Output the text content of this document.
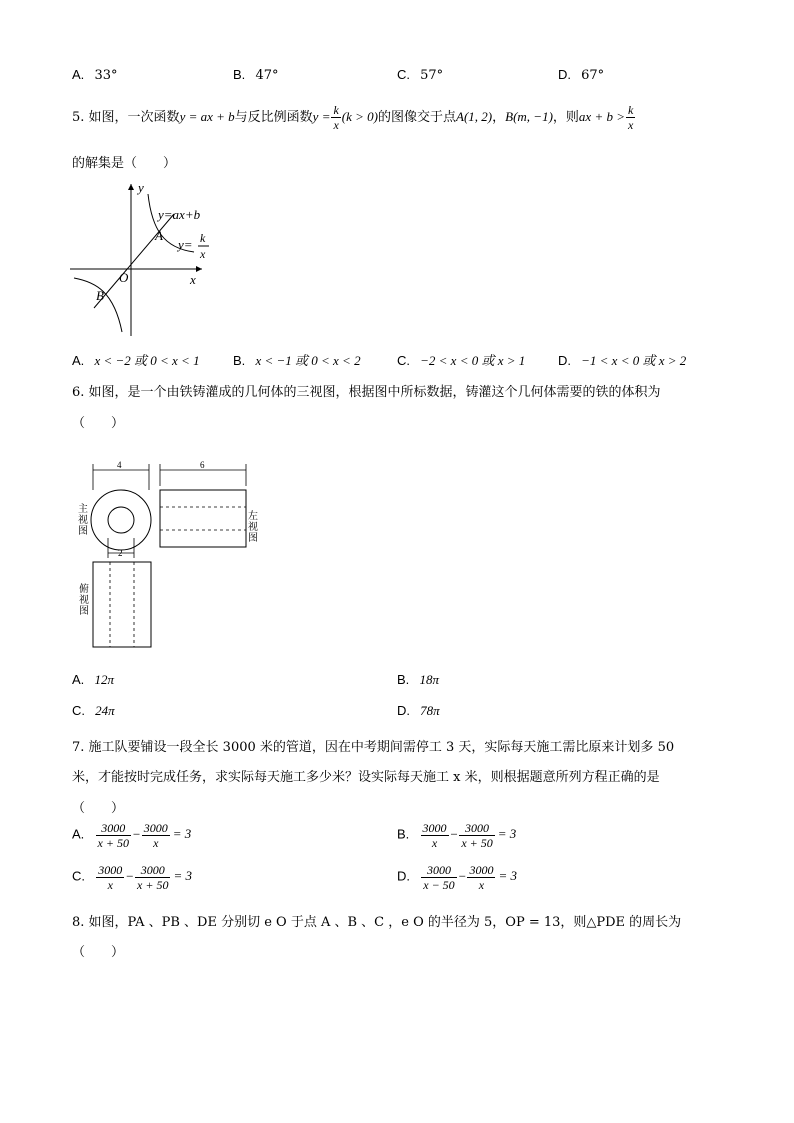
A. 33°	B. 47°	C. 57°	D. 67°
5. 如图，一次函数y = ax + b与反比例函数$y = \frac{k}{x} (k > 0)$的图像交于点A(1, 2)，B(m, −1)，则ax + $b > \frac{k}{x}$
的解集是（　　）
y
x
O
A
B
y=ax+b
y= k
x
A. x < −2 或 0 < x < 1	B. x < −1 或 0 < x < 2	C. −2 < x < 0 或 x > 1	D. −1 < x < 0 或 x > 2
6. 如图，是一个由铁铸灌成的几何体的三视图，根据图中所标数据，铸灌这个几何体需要的铁的体积为
（　　）
4	6
2
主视图
左视图
俯视图
A. 12π	B. 18π
C. 24π	D. 78π
7. 施工队要铺设一段全长 3000 米的管道，因在中考期间需停工 3 天，实际每天施工需比原来计划多 50
米，才能按时完成任务，求实际每天施工多少米？设实际每天施工 x 米，则根据题意所列方程正确的是
（　　）
A. $\frac{3000}{x + 50} - \frac{3000}{x} = 3$	B. $\frac{3000}{x} - \frac{3000}{x + 50} = 3$
C. $\frac{3000}{x} - \frac{3000}{x + 50} = 3$	D. $\frac{3000}{x - 50} - \frac{3000}{x} = 3$
8. 如图，PA 、PB 、DE 分别切 e O 于点 A 、B 、C ，e O 的半径为 5，OP = 13，则△PDE 的周长为
（　　）
